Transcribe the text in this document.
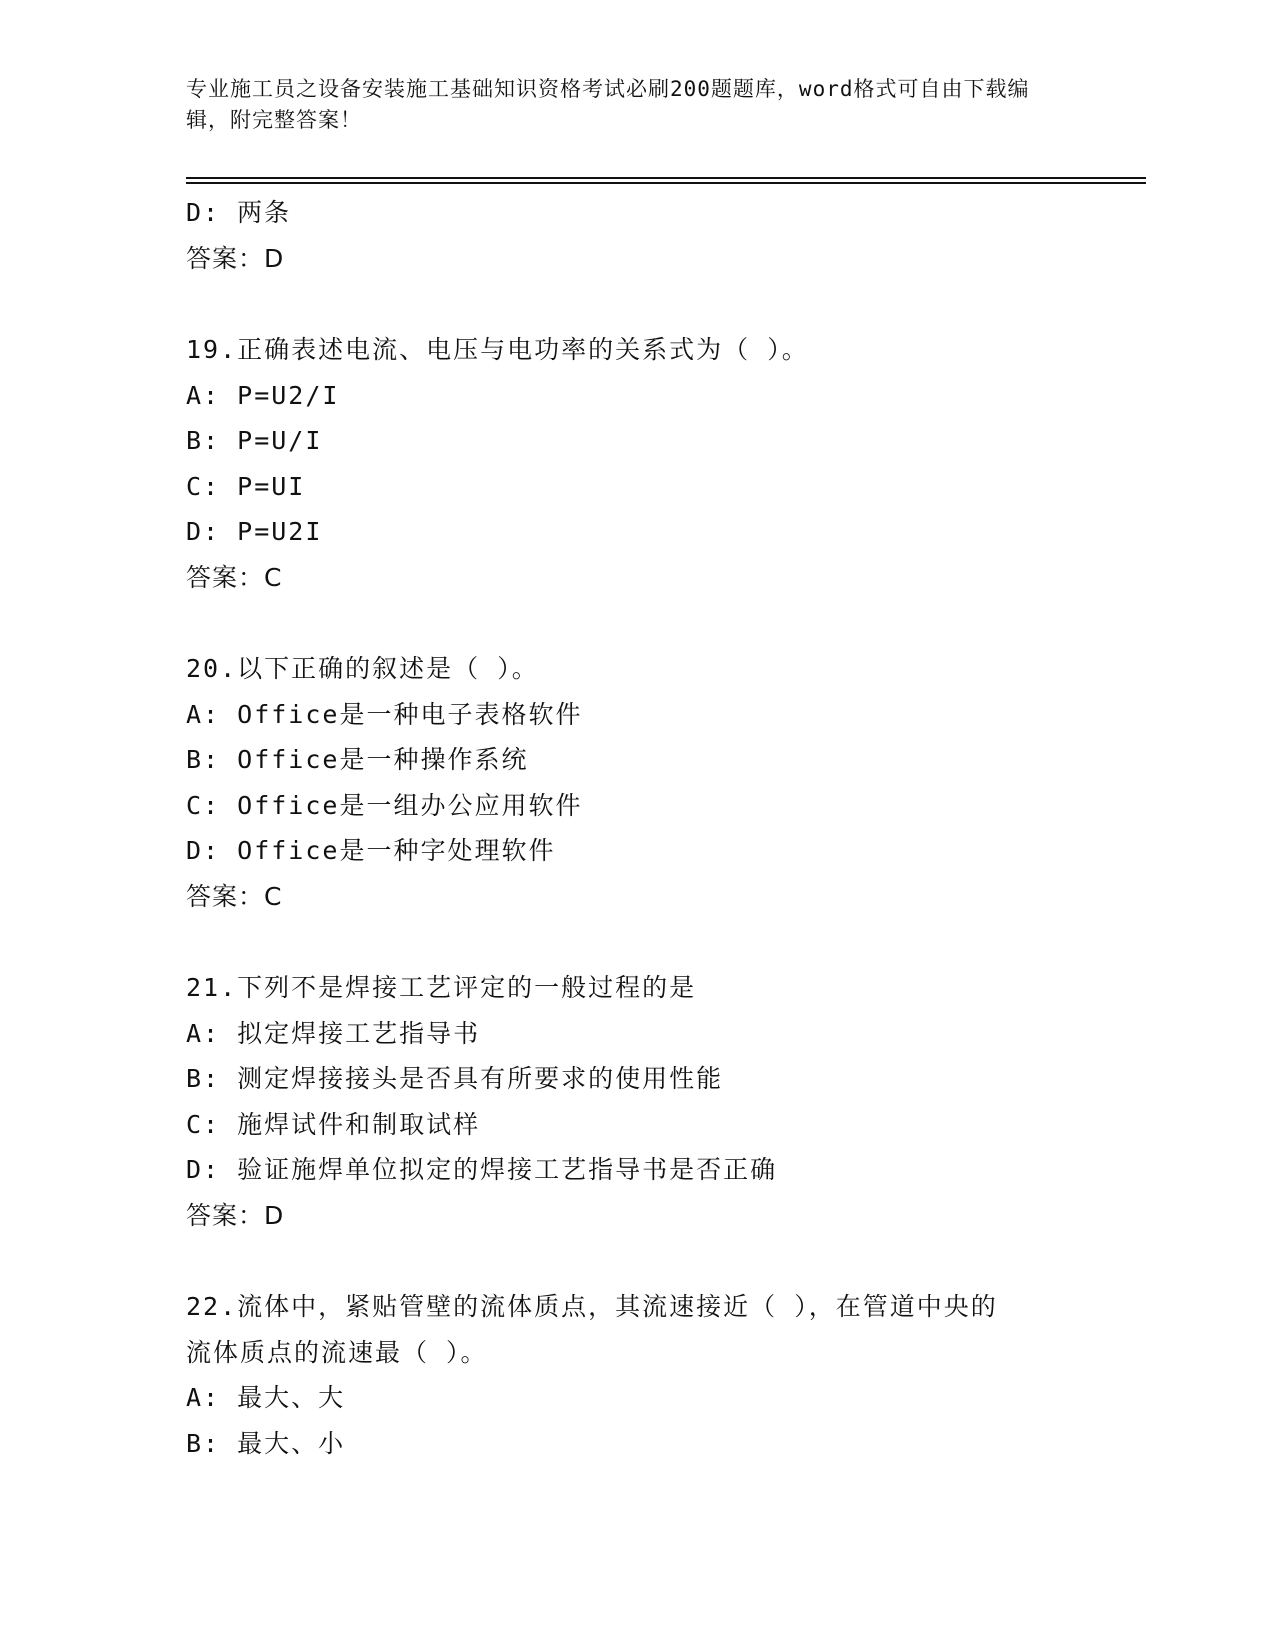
专业施工员之设备安装施工基础知识资格考试必刷200题题库，word格式可自由下载编辑，附完整答案！
D: 两条
答案：D
19.正确表述电流、电压与电功率的关系式为（ ）。
A: P=U2/I
B: P=U/I
C: P=UI
D: P=U2I
答案：C
20.以下正确的叙述是（ ）。
A: Office是一种电子表格软件
B: Office是一种操作系统
C: Office是一组办公应用软件
D: Office是一种字处理软件
答案：C
21.下列不是焊接工艺评定的一般过程的是
A: 拟定焊接工艺指导书
B: 测定焊接接头是否具有所要求的使用性能
C: 施焊试件和制取试样
D: 验证施焊单位拟定的焊接工艺指导书是否正确
答案：D
22.流体中，紧贴管壁的流体质点，其流速接近（ ），在管道中央的
流体质点的流速最（ ）。
A: 最大、大
B: 最大、小
